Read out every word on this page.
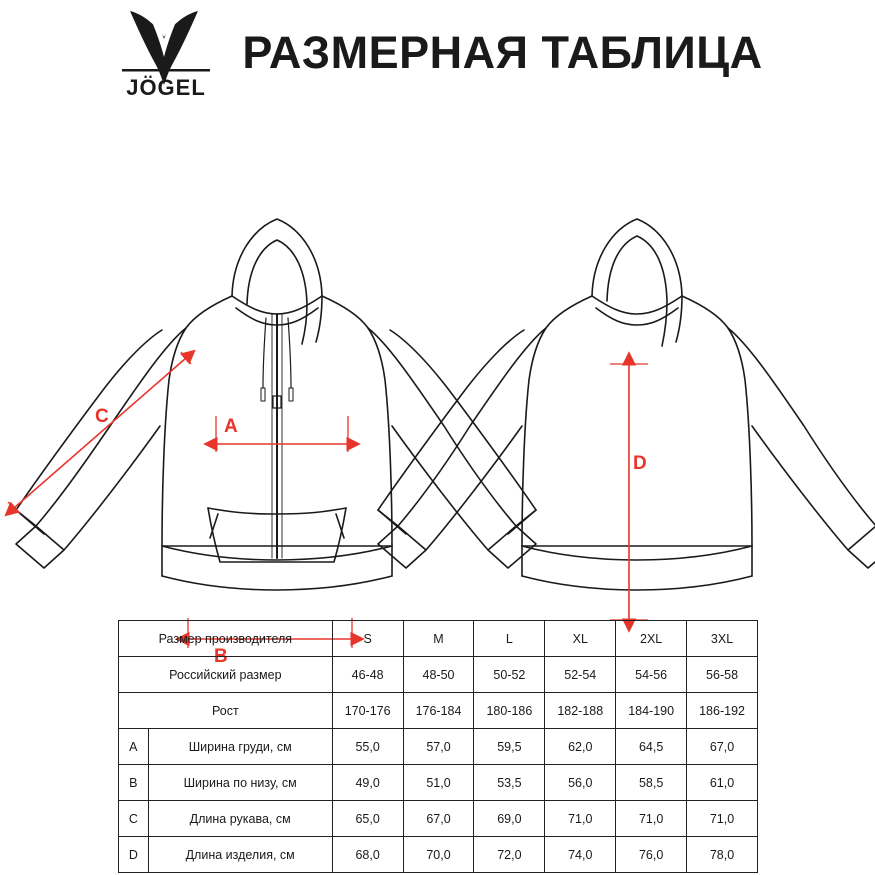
JÖGEL
РАЗМЕРНАЯ ТАБЛИЦА
C	A
B
D
Размер производителя		S	M	L	XL	2XL	3XL
Российский размер		46-48	48-50	50-52	52-54	54-56	56-58
Рост		170-176	176-184	180-186	182-188	184-190	186-192
A	Ширина груди, см	55,0	57,0	59,5	62,0	64,5	67,0
B	Ширина по низу, см	49,0	51,0	53,5	56,0	58,5	61,0
C	Длина рукава, см	65,0	67,0	69,0	71,0	71,0	71,0
D	Длина изделия, см	68,0	70,0	72,0	74,0	76,0	78,0
